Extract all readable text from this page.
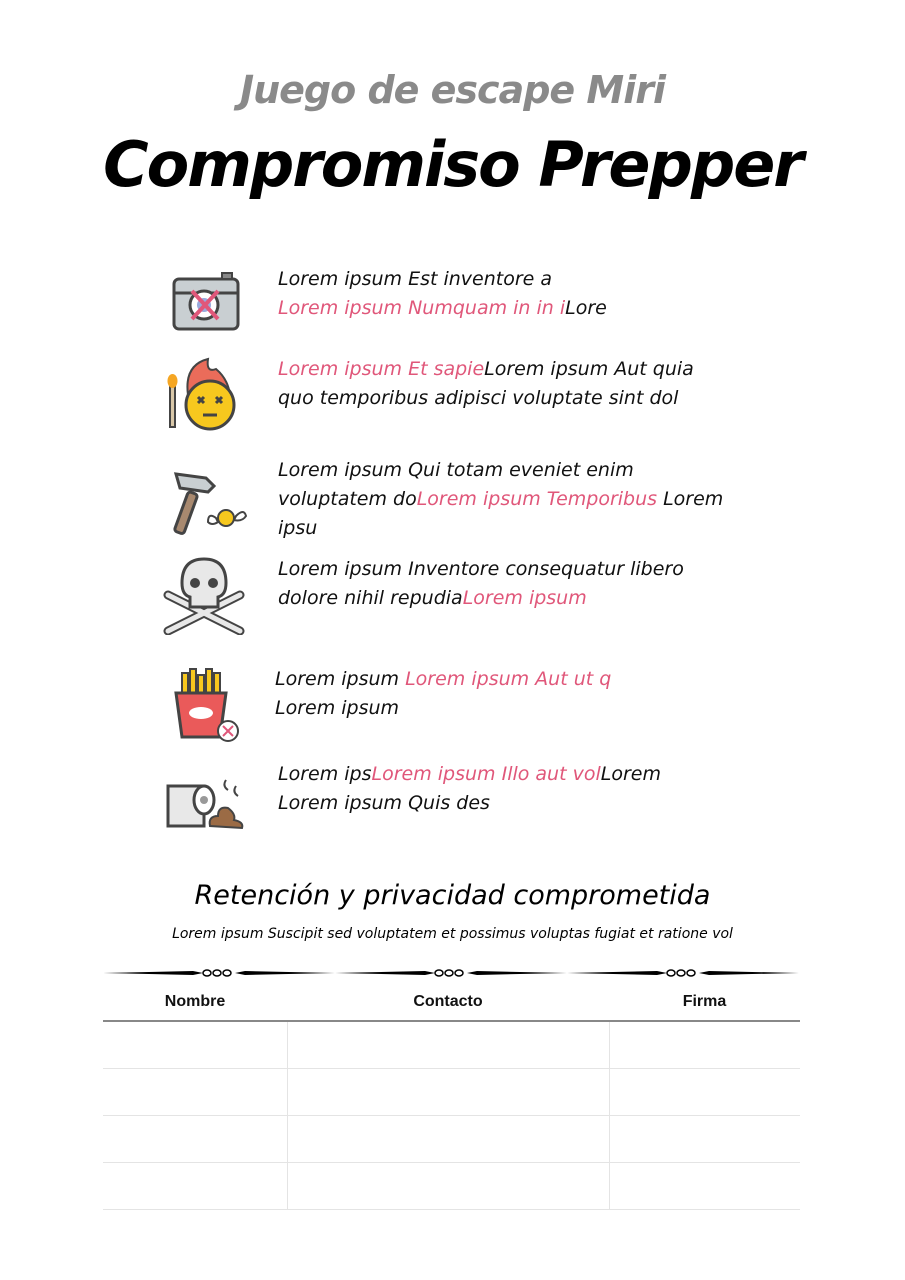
Juego de escape Miri
Compromiso Prepper
Lorem ipsum Est inventore a
Lorem ipsum Numquam in in iLore
Lorem ipsum Et sapieLorem ipsum Aut quia
quo temporibus adipisci voluptate sint dol
Lorem ipsum Qui totam eveniet enim
voluptatem doLorem ipsum Temporibus Lorem
ipsu
Lorem ipsum Inventore consequatur libero
dolore nihil repudiaLorem ipsum
Lorem ipsum Lorem ipsum Aut ut q
Lorem ipsum
Lorem ipsLorem ipsum Illo aut volLorem
Lorem ipsum Quis des
Retención y privacidad comprometida
Lorem ipsum Suscipit sed voluptatem et possimus voluptas fugiat et ratione vol
Nombre	Contacto	Firma
